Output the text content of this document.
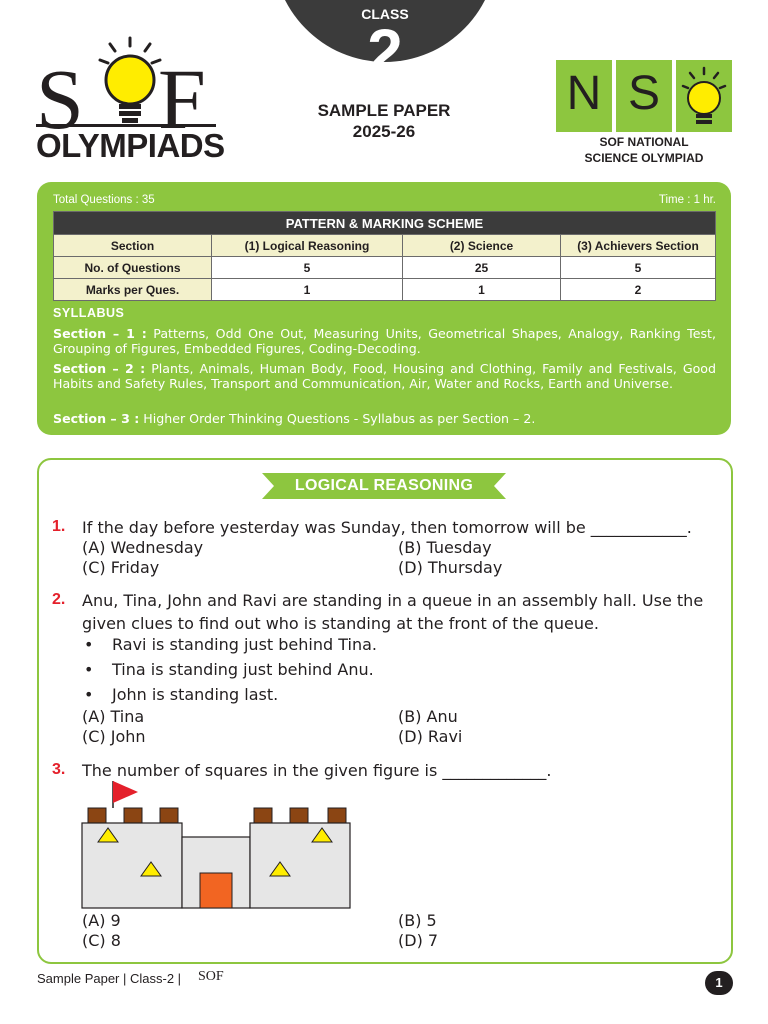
CLASS
2
SAMPLE PAPER
2025-26
S F
OLYMPIADS
N S
SOF NATIONAL
SCIENCE OLYMPIAD
Total Questions : 35	Time : 1 hr.
PATTERN & MARKING SCHEME			
Section	(1) Logical Reasoning	(2) Science	(3) Achievers Section
No. of Questions	5	25	5
Marks per Ques.	1	1	2
SYLLABUS
Section – 1 : Patterns, Odd One Out, Measuring Units, Geometrical Shapes, Analogy, Ranking Test, Grouping of Figures, Embedded Figures, Coding-Decoding.
Section – 2 : Plants, Animals, Human Body, Food, Housing and Clothing, Family and Festivals, Good Habits and Safety Rules, Transport and Communication, Air, Water and Rocks, Earth and Universe.
Section – 3 : Higher Order Thinking Questions - Syllabus as per Section – 2.
LOGICAL REASONING
1. If the day before yesterday was Sunday, then tomorrow will be ____________.
(A) Wednesday	(B) Tuesday
(C) Friday	(D) Thursday
2. Anu, Tina, John and Ravi are standing in a queue in an assembly hall. Use the given clues to find out who is standing at the front of the queue.
• Ravi is standing just behind Tina.
• Tina is standing just behind Anu.
• John is standing last.
(A) Tina	(B) Anu
(C) John	(D) Ravi
3. The number of squares in the given figure is _____________.
(A) 9	(B) 5
(C) 8	(D) 7
Sample Paper | Class-2 | SOF	1
